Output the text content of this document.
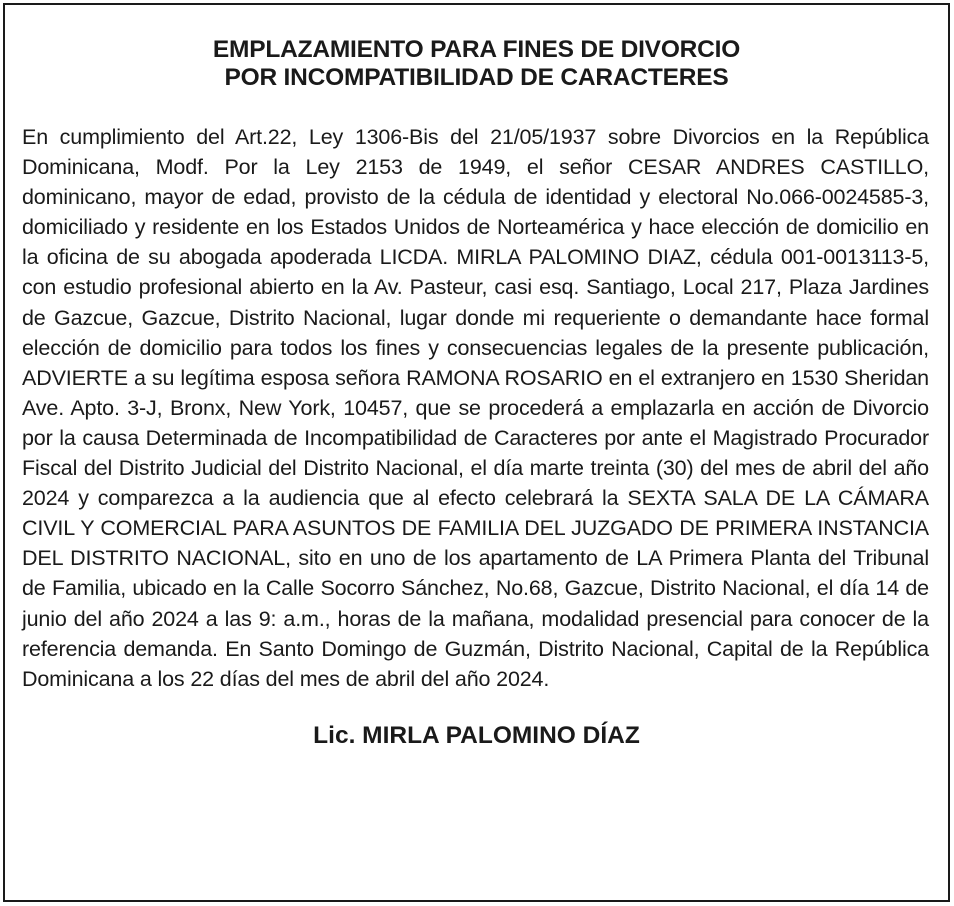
EMPLAZAMIENTO PARA FINES DE DIVORCIO
POR INCOMPATIBILIDAD DE CARACTERES

En cumplimiento del Art.22, Ley 1306-Bis del 21/05/1937 sobre Divorcios en la República Dominicana, Modf. Por la Ley 2153 de 1949, el señor CESAR ANDRES CASTILLO, dominicano, mayor de edad, provisto de la cédula de identidad y electoral No.066-0024585-3, domiciliado y residente en los Estados Unidos de Norteamérica y hace elección de domicilio en la oficina de su abogada apoderada LICDA. MIRLA PALOMINO DIAZ, cédula 001-0013113-5, con estudio profesional abierto en la Av. Pasteur, casi esq. Santiago, Local 217, Plaza Jardines de Gazcue, Gazcue, Distrito Nacional, lugar donde mi requeriente o demandante hace formal elección de domicilio para todos los fines y consecuencias legales de la presente publicación, ADVIERTE a su legítima esposa señora RAMONA ROSARIO en el extranjero en 1530 Sheridan Ave. Apto. 3-J, Bronx, New York, 10457, que se procederá a emplazarla en acción de Divorcio por la causa Determinada de Incompatibilidad de Caracteres por ante el Magistrado Procurador Fiscal del Distrito Judicial del Distrito Nacional, el día marte treinta (30) del mes de abril del año 2024 y comparezca a la audiencia que al efecto celebrará la SEXTA SALA DE LA CÁMARA CIVIL Y COMERCIAL PARA ASUNTOS DE FAMILIA DEL JUZGADO DE PRIMERA INSTANCIA DEL DISTRITO NACIONAL, sito en uno de los apartamento de LA Primera Planta del Tribunal de Familia, ubicado en la Calle Socorro Sánchez, No.68, Gazcue, Distrito Nacional, el día 14 de junio del año 2024 a las 9: a.m., horas de la mañana, modalidad presencial para conocer de la referencia demanda. En Santo Domingo de Guzmán, Distrito Nacional, Capital de la República Dominicana a los 22 días del mes de abril del año 2024.

Lic. MIRLA PALOMINO DÍAZ
